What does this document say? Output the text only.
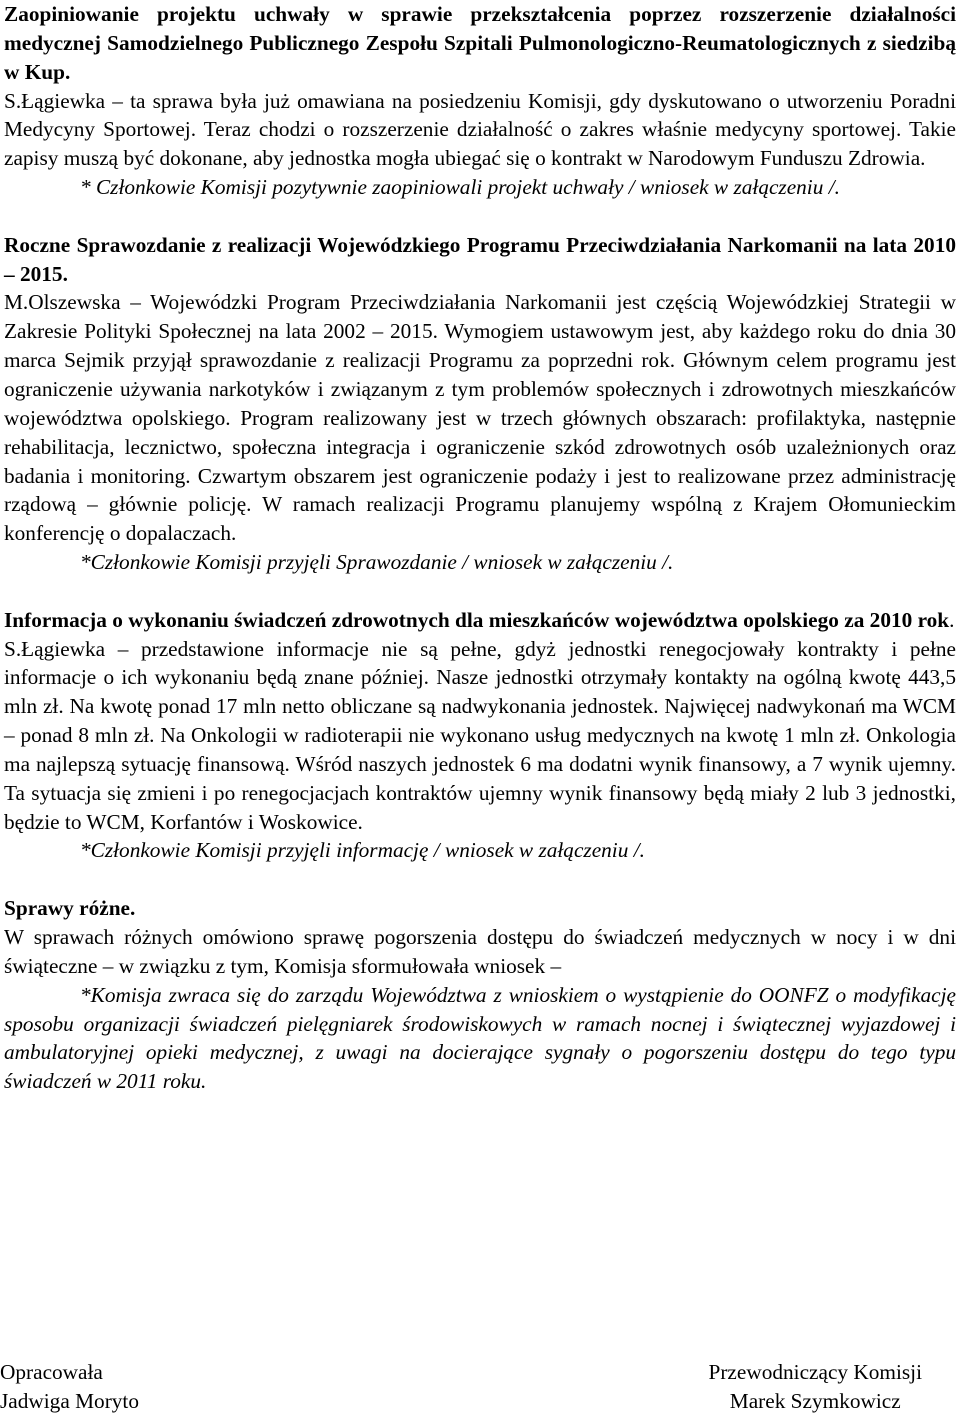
Zaopiniowanie projektu uchwały w sprawie przekształcenia poprzez rozszerzenie działalności medycznej Samodzielnego Publicznego Zespołu Szpitali Pulmonologiczno-Reumatologicznych z siedzibą w Kup.

S.Łągiewka – ta sprawa była już omawiana na posiedzeniu Komisji, gdy dyskutowano o utworzeniu Poradni Medycyny Sportowej. Teraz chodzi o rozszerzenie działalność o zakres właśnie medycyny sportowej. Takie zapisy muszą być dokonane, aby jednostka mogła ubiegać się o kontrakt w Narodowym Funduszu Zdrowia.

* Członkowie Komisji pozytywnie zaopiniowali projekt uchwały / wniosek w załączeniu /.

Roczne Sprawozdanie z realizacji Wojewódzkiego Programu Przeciwdziałania Narkomanii na lata 2010 – 2015.

M.Olszewska – Wojewódzki Program Przeciwdziałania Narkomanii jest częścią Wojewódzkiej Strategii w Zakresie Polityki Społecznej na lata 2002 – 2015. Wymogiem ustawowym jest, aby każdego roku do dnia 30 marca Sejmik przyjął sprawozdanie z realizacji Programu za poprzedni rok. Głównym celem programu jest ograniczenie używania narkotyków i związanym z tym problemów społecznych i zdrowotnych mieszkańców województwa opolskiego. Program realizowany jest w trzech głównych obszarach: profilaktyka, następnie rehabilitacja, lecznictwo, społeczna integracja i ograniczenie szkód zdrowotnych osób uzależnionych oraz badania i monitoring. Czwartym obszarem jest ograniczenie podaży i jest to realizowane przez administrację rządową – głównie policję. W ramach realizacji Programu planujemy wspólną z Krajem Ołomunieckim konferencję o dopalaczach.

*Członkowie Komisji przyjęli Sprawozdanie / wniosek w załączeniu /.

Informacja o wykonaniu świadczeń zdrowotnych dla mieszkańców województwa opolskiego za 2010 rok.

S.Łągiewka – przedstawione informacje nie są pełne, gdyż jednostki renegocjowały kontrakty i pełne informacje o ich wykonaniu będą znane później. Nasze jednostki otrzymały kontakty na ogólną kwotę 443,5 mln zł. Na kwotę ponad 17 mln netto obliczane są nadwykonania jednostek. Najwięcej nadwykonań ma WCM – ponad 8 mln zł. Na Onkologii w radioterapii nie wykonano usług medycznych na kwotę 1 mln zł. Onkologia ma najlepszą sytuację finansową. Wśród naszych jednostek 6 ma dodatni wynik finansowy, a 7 wynik ujemny. Ta sytuacja się zmieni i po renegocjacjach kontraktów ujemny wynik finansowy będą miały 2 lub 3 jednostki, będzie to WCM, Korfantów i Woskowice.

*Członkowie Komisji przyjęli informację / wniosek w załączeniu /.

Sprawy różne.

W sprawach różnych omówiono sprawę pogorszenia dostępu do świadczeń medycznych w nocy i w dni świąteczne – w związku z tym, Komisja sformułowała wniosek –

*Komisja zwraca się do zarządu Województwa z wnioskiem o wystąpienie do OONFZ o modyfikację sposobu organizacji świadczeń pielęgniarek środowiskowych w ramach nocnej i świątecznej wyjazdowej i ambulatoryjnej opieki medycznej, z uwagi na docierające sygnały o pogorszeniu dostępu do tego typu świadczeń w 2011 roku.

Opracowała
Jadwiga Moryto
Przewodniczący Komisji
Marek Szymkowicz
